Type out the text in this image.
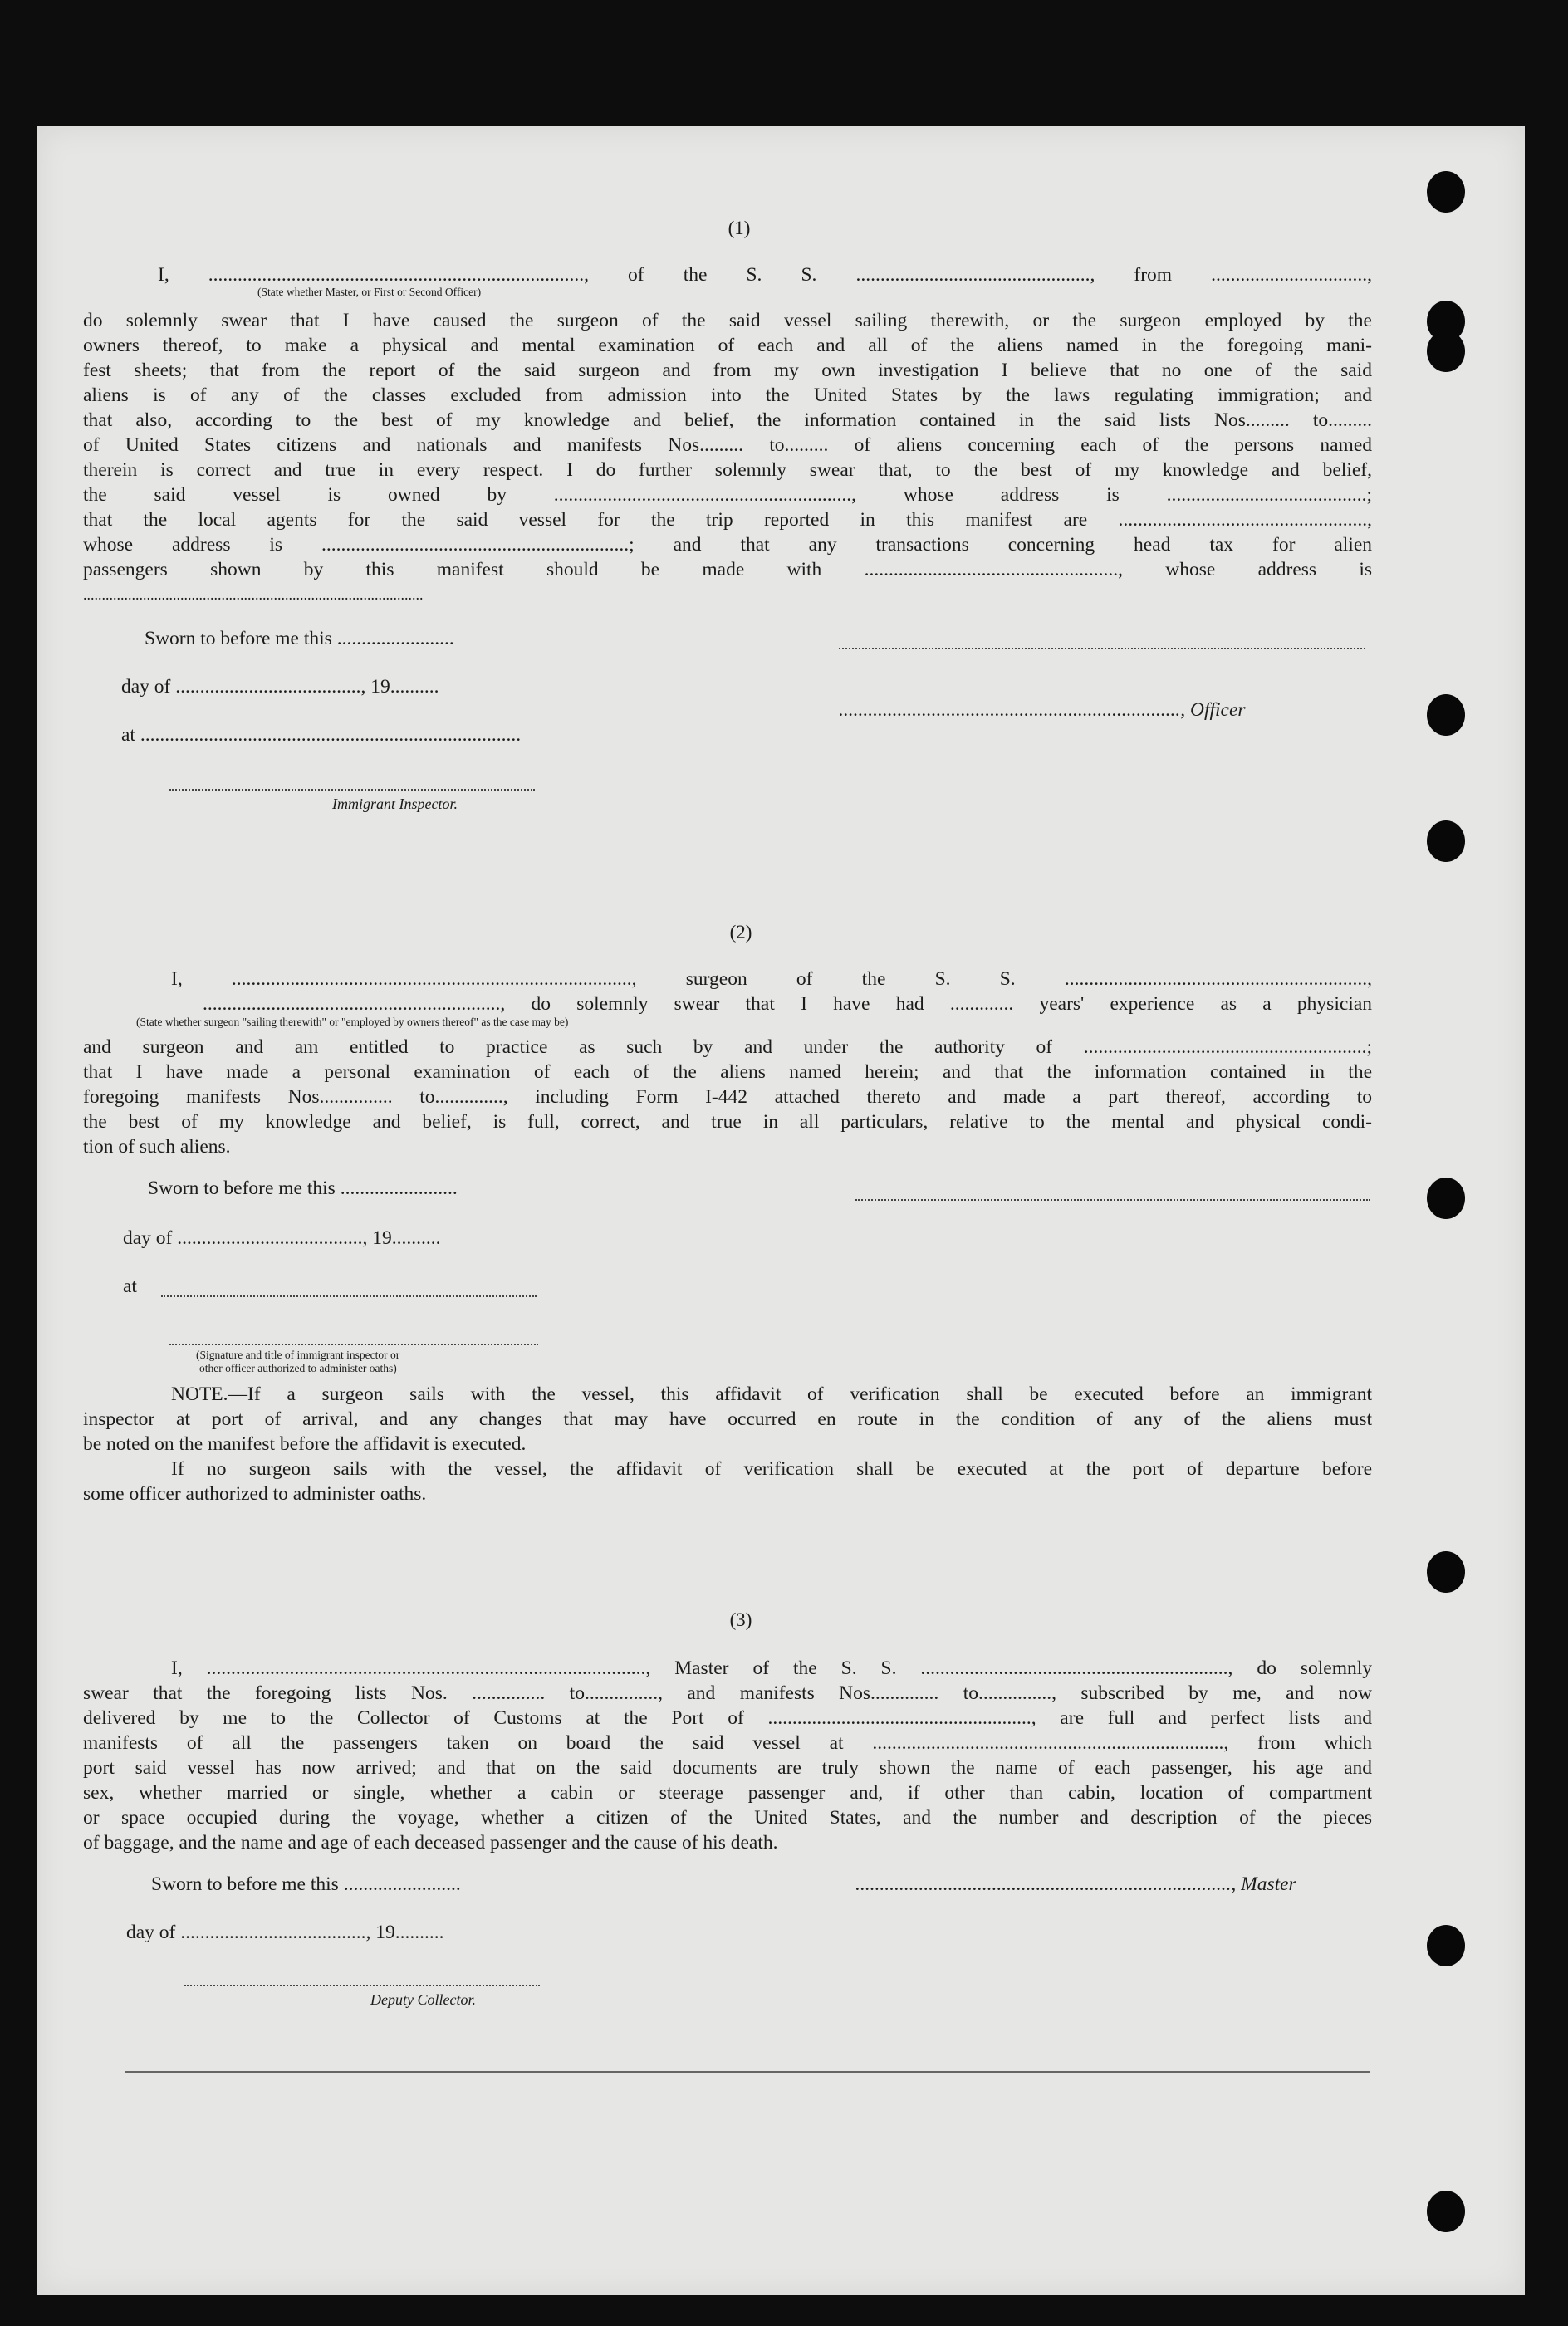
(1)
I, ............................................................................., of the S. S. ................................................, from ................................,
(State whether Master, or First or Second Officer)
do solemnly swear that I have caused the surgeon of the said vessel sailing therewith, or the surgeon employed by the
owners thereof, to make a physical and mental examination of each and all of the aliens named in the foregoing mani-
fest sheets; that from the report of the said surgeon and from my own investigation I believe that no one of the said
aliens is of any of the classes excluded from admission into the United States by the laws regulating immigration; and
that also, according to the best of my knowledge and belief, the information contained in the said lists Nos......... to.........
of United States citizens and nationals and manifests Nos......... to......... of aliens concerning each of the persons named
therein is correct and true in every respect. I do further solemnly swear that, to the best of my knowledge and belief,
the said vessel is owned by ............................................................., whose address is .........................................;
that the local agents for the said vessel for the trip reported in this manifest are ...................................................,
whose address is ...............................................................; and that any transactions concerning head tax for alien
passengers shown by this manifest should be made with ...................................................., whose address is
...........................................................................................
Sworn to before me this ........................
day of ......................................, 19..........
at ..............................................................................
......................................................................, Officer
Immigrant Inspector.
(2)
I, .................................................................................., surgeon of the S. S. ..............................................................,
............................................................., do solemnly swear that I have had ............. years' experience as a physician
(State whether surgeon "sailing therewith" or "employed by owners thereof" as the case may be)
and surgeon and am entitled to practice as such by and under the authority of ..........................................................;
that I have made a personal examination of each of the aliens named herein; and that the information contained in the
foregoing manifests Nos............... to.............., including Form I-442 attached thereto and made a part thereof, according to
the best of my knowledge and belief, is full, correct, and true in all particulars, relative to the mental and physical condi-
tion of such aliens.
Sworn to before me this ........................
day of ......................................, 19..........
at
(Signature and title of immigrant inspector or
other officer authorized to administer oaths)
NOTE.—If a surgeon sails with the vessel, this affidavit of verification shall be executed before an immigrant
inspector at port of arrival, and any changes that may have occurred en route in the condition of any of the aliens must
be noted on the manifest before the affidavit is executed.
If no surgeon sails with the vessel, the affidavit of verification shall be executed at the port of departure before
some officer authorized to administer oaths.
(3)
I, .........................................................................................., Master of the S. S. ..............................................................., do solemnly
swear that the foregoing lists Nos. ............... to..............., and manifests Nos.............. to..............., subscribed by me, and now
delivered by me to the Collector of Customs at the Port of ......................................................, are full and perfect lists and
manifests of all the passengers taken on board the said vessel at ........................................................................, from which
port said vessel has now arrived; and that on the said documents are truly shown the name of each passenger, his age and
sex, whether married or single, whether a cabin or steerage passenger and, if other than cabin, location of compartment
or space occupied during the voyage, whether a citizen of the United States, and the number and description of the pieces
of baggage, and the name and age of each deceased passenger and the cause of his death.
Sworn to before me this ........................	............................................................................., Master
day of ......................................, 19..........
Deputy Collector.
